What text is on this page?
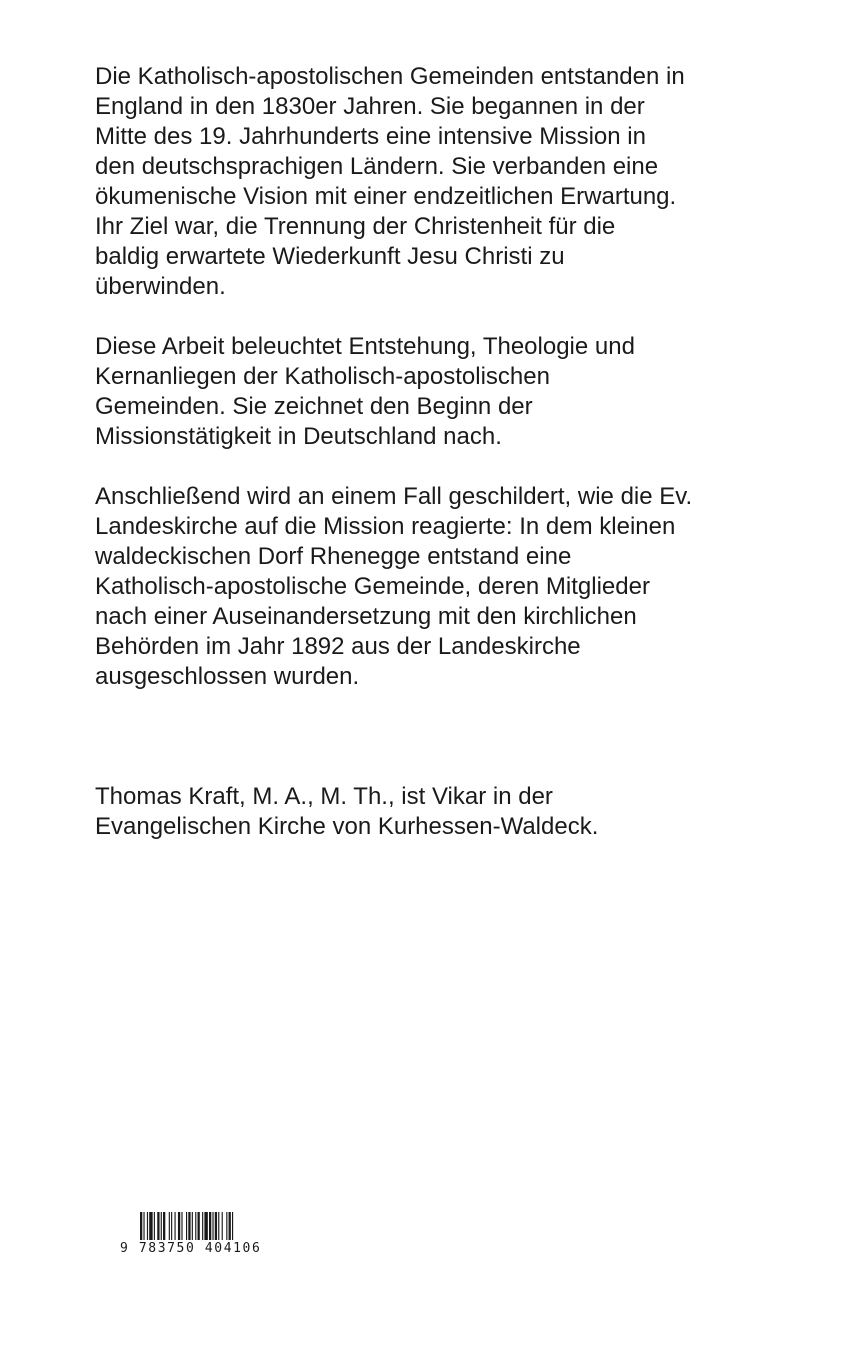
Die Katholisch-apostolischen Gemeinden entstanden in
England in den 1830er Jahren. Sie begannen in der
Mitte des 19. Jahrhunderts eine intensive Mission in
den deutschsprachigen Ländern. Sie verbanden eine
ökumenische Vision mit einer endzeitlichen Erwartung.
Ihr Ziel war, die Trennung der Christenheit für die
baldig erwartete Wiederkunft Jesu Christi zu
überwinden.
Diese Arbeit beleuchtet Entstehung, Theologie und
Kernanliegen der Katholisch-apostolischen
Gemeinden. Sie zeichnet den Beginn der
Missionstätigkeit in Deutschland nach.
Anschließend wird an einem Fall geschildert, wie die Ev.
Landeskirche auf die Mission reagierte: In dem kleinen
waldeckischen Dorf Rhenegge entstand eine
Katholisch-apostolische Gemeinde, deren Mitglieder
nach einer Auseinandersetzung mit den kirchlichen
Behörden im Jahr 1892 aus der Landeskirche
ausgeschlossen wurden.
Thomas Kraft, M. A., M. Th., ist Vikar in der
Evangelischen Kirche von Kurhessen-Waldeck.
9 783750 404106
